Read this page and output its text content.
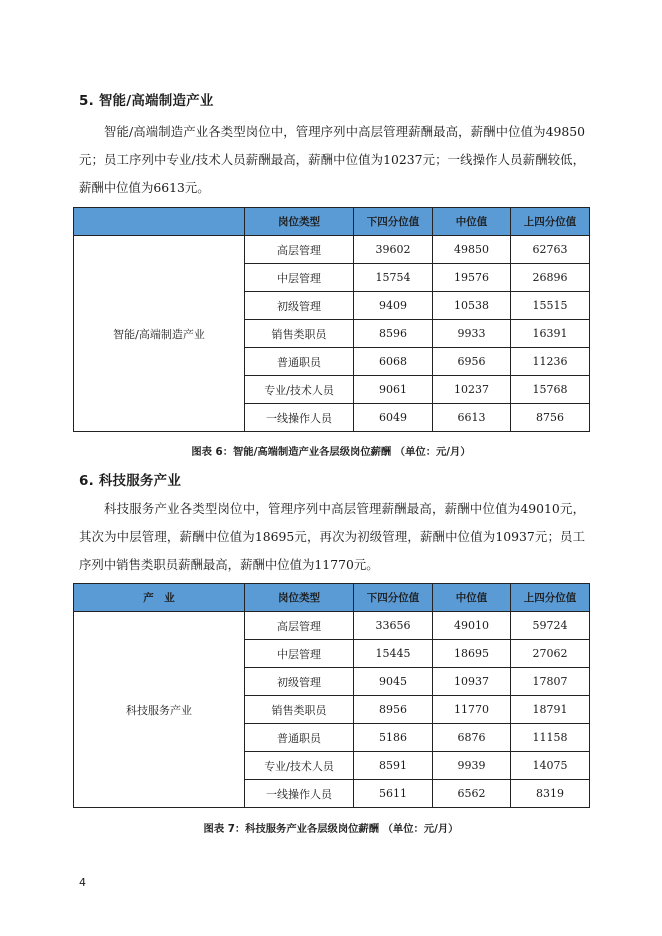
5. 智能/高端制造产业

智能/高端制造产业各类型岗位中，管理序列中高层管理薪酬最高，薪酬中位值为49850元；员工序列中专业/技术人员薪酬最高，薪酬中位值为10237元；一线操作人员薪酬较低，薪酬中位值为6613元。

	岗位类型	下四分位值	中位值	上四分位值
智能/高端制造产业	高层管理	39602	49850	62763
	中层管理	15754	19576	26896
	初级管理	9409	10538	15515
	销售类职员	8596	9933	16391
	普通职员	6068	6956	11236
	专业/技术人员	9061	10237	15768
	一线操作人员	6049	6613	8756

图表 6：智能/高端制造产业各层级岗位薪酬 （单位：元/月）

6. 科技服务产业

科技服务产业各类型岗位中，管理序列中高层管理薪酬最高，薪酬中位值为49010元，其次为中层管理，薪酬中位值为18695元，再次为初级管理，薪酬中位值为10937元；员工序列中销售类职员薪酬最高，薪酬中位值为11770元。

产　业	岗位类型	下四分位值	中位值	上四分位值
科技服务产业	高层管理	33656	49010	59724
	中层管理	15445	18695	27062
	初级管理	9045	10937	17807
	销售类职员	8956	11770	18791
	普通职员	5186	6876	11158
	专业/技术人员	8591	9939	14075
	一线操作人员	5611	6562	8319

图表 7：科技服务产业各层级岗位薪酬 （单位：元/月）

4
